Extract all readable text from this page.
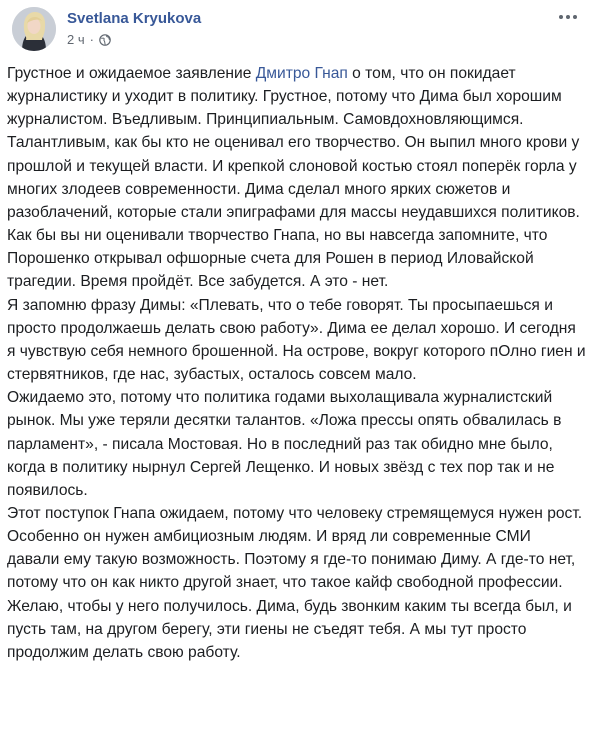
Svetlana Kryukova
2 ч ·

Грустное и ожидаемое заявление Дмитро Гнап о том, что он покидает журналистику и уходит в политику. Грустное, потому что Дима был хорошим журналистом. Въедливым. Принципиальным. Самовдохновляющимся. Талантливым, как бы кто не оценивал его творчество. Он выпил много крови у прошлой и текущей власти. И крепкой слоновой костью стоял поперёк горла у многих злодеев современности. Дима сделал много ярких сюжетов и разоблачений, которые стали эпиграфами для массы неудавшихся политиков.

Как бы вы ни оценивали творчество Гнапа, но вы навсегда запомните, что Порошенко открывал офшорные счета для Рошен в период Иловайской трагедии. Время пройдёт. Все забудется. А это - нет.

Я запомню фразу Димы: «Плевать, что о тебе говорят. Ты просыпаешься и просто продолжаешь делать свою работу». Дима ее делал хорошо. И сегодня я чувствую себя немного брошенной. На острове, вокруг которого пОлно гиен и стервятников, где нас, зубастых, осталось совсем мало.

Ожидаемо это, потому что политика годами выхолащивала журналистский рынок. Мы уже теряли десятки талантов. «Ложа прессы опять обвалилась в парламент», - писала Мостовая. Но в последний раз так обидно мне было, когда в политику нырнул Сергей Лещенко. И новых звёзд с тех пор так и не появилось.

Этот поступок Гнапа ожидаем, потому что человеку стремящемуся нужен рост. Особенно он нужен амбициозным людям. И вряд ли современные СМИ давали ему такую возможность. Поэтому я где-то понимаю Диму. А где-то нет, потому что он как никто другой знает, что такое кайф свободной профессии.

Желаю, чтобы у него получилось. Дима, будь звонким каким ты всегда был, и пусть там, на другом берегу, эти гиены не съедят тебя. А мы тут просто продолжим делать свою работу.
